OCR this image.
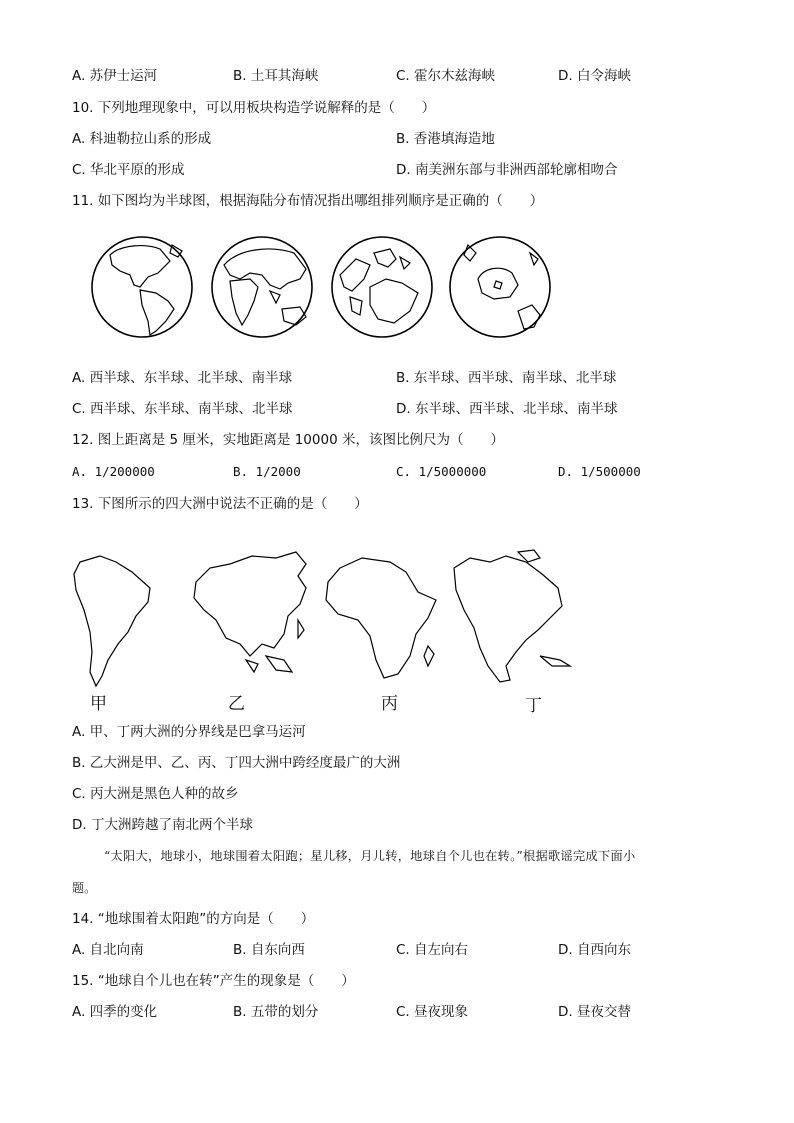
A. 苏伊士运河	B. 土耳其海峡	C. 霍尔木兹海峡	D. 白令海峡
10. 下列地理现象中，可以用板块构造学说解释的是（　　）
A. 科迪勒拉山系的形成	B. 香港填海造地
C. 华北平原的形成	D. 南美洲东部与非洲西部轮廓相吻合
11. 如下图均为半球图，根据海陆分布情况指出哪组排列顺序是正确的（　　）
A. 西半球、东半球、北半球、南半球	B. 东半球、西半球、南半球、北半球
C. 西半球、东半球、南半球、北半球	D. 东半球、西半球、北半球、南半球
12. 图上距离是 5 厘米，实地距离是 10000 米，该图比例尺为（　　）
A. 1/200000	B. 1/2000	C. 1/5000000	D. 1/500000
13. 下图所示的四大洲中说法不正确的是（　　）
甲	乙	丙	丁
A. 甲、丁两大洲的分界线是巴拿马运河
B. 乙大洲是甲、乙、丙、丁四大洲中跨经度最广的大洲
C. 丙大洲是黑色人种的故乡
D. 丁大洲跨越了南北两个半球
“太阳大，地球小，地球围着太阳跑；星儿移，月儿转，地球自个儿也在转。”根据歌谣完成下面小
题。
14. “地球围着太阳跑”的方向是（　　）
A. 自北向南	B. 自东向西	C. 自左向右	D. 自西向东
15. “地球自个儿也在转”产生的现象是（　　）
A. 四季的变化	B. 五带的划分	C. 昼夜现象	D. 昼夜交替
